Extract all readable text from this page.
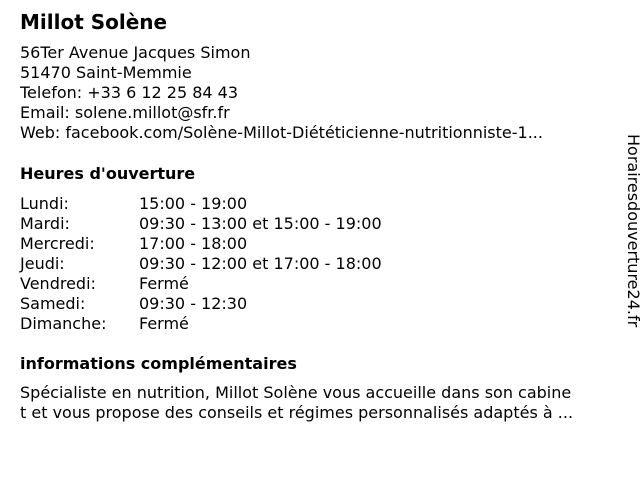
Millot Solène
56Ter Avenue Jacques Simon
51470 Saint-Memmie
Telefon: +33 6 12 25 84 43
Email: solene.millot@sfr.fr
Web: facebook.com/Solène-Millot-Diététicienne-nutritionniste-1...
Heures d'ouverture
Lundi:	15:00 - 19:00
Mardi:	09:30 - 13:00 et 15:00 - 19:00
Mercredi:	17:00 - 18:00
Jeudi:	09:30 - 12:00 et 17:00 - 18:00
Vendredi:	Fermé
Samedi:	09:30 - 12:30
Dimanche:	Fermé
informations complémentaires
Spécialiste en nutrition, Millot Solène vous accueille dans son cabine
t et vous propose des conseils et régimes personnalisés adaptés à ...
Horairesdouverture24.fr
